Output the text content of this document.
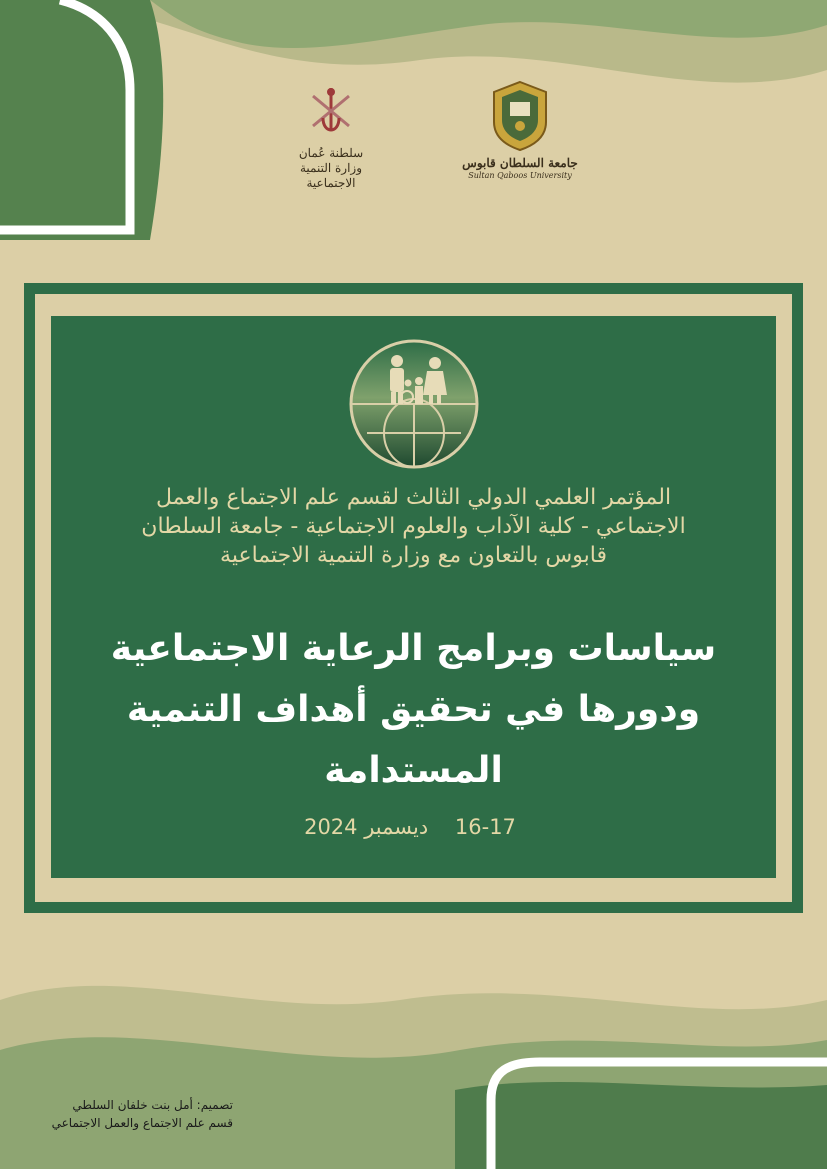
سلطنة عُمان
وزارة التنمية الاجتماعية
جامعة السلطان قابوس
Sultan Qaboos University
المؤتمر العلمي الدولي الثالث لقسم علم الاجتماع والعمل
الاجتماعي - كلية الآداب والعلوم الاجتماعية - جامعة السلطان
قابوس بالتعاون مع وزارة التنمية الاجتماعية
سياسات وبرامج الرعاية الاجتماعية
ودورها في تحقيق أهداف التنمية
المستدامة
ديسمبر 2024 16-17
تصميم: أمل بنت خلفان السلطي
قسم علم الاجتماع والعمل الاجتماعي
